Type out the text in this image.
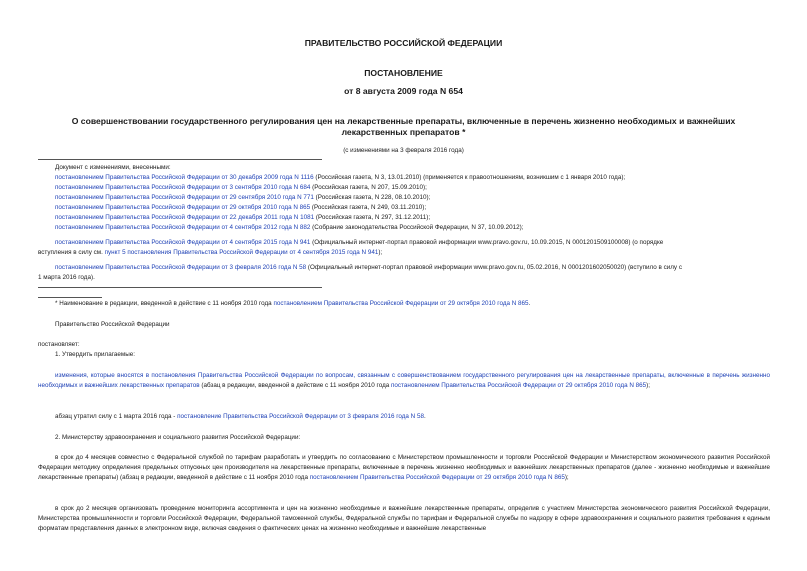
ПРАВИТЕЛЬСТВО РОССИЙСКОЙ ФЕДЕРАЦИИ
ПОСТАНОВЛЕНИЕ
от 8 августа 2009 года N 654
О совершенствовании государственного регулирования цен на лекарственные препараты, включенные в перечень жизненно необходимых и важнейших
лекарственных препаратов *
(с изменениями на 3 февраля 2016 года)
Документ с изменениями, внесенными:
постановлением Правительства Российской Федерации от 30 декабря 2009 года N 1116 (Российская газета, N 3, 13.01.2010) (применяется к правоотношениям, возникшим с 1 января 2010 года);
постановлением Правительства Российской Федерации от 3 сентября 2010 года N 684 (Российская газета, N 207, 15.09.2010);
постановлением Правительства Российской Федерации от 29 сентября 2010 года N 771 (Российская газета, N 228, 08.10.2010);
постановлением Правительства Российской Федерации от 29 октября 2010 года N 865 (Российская газета, N 249, 03.11.2010);
постановлением Правительства Российской Федерации от 22 декабря 2011 года N 1081 (Российская газета, N 297, 31.12.2011);
постановлением Правительства Российской Федерации от 4 сентября 2012 года N 882 (Собрание законодательства Российской Федерации, N 37, 10.09.2012);
постановлением Правительства Российской Федерации от 4 сентября 2015 года N 941 (Официальный интернет-портал правовой информации www.pravo.gov.ru, 10.09.2015, N 0001201509100008) (о порядке
вступления в силу см. пункт 5 постановления Правительства Российской Федерации от 4 сентября 2015 года N 941);
постановлением Правительства Российской Федерации от 3 февраля 2016 года N 58 (Официальный интернет-портал правовой информации www.pravo.gov.ru, 05.02.2016, N 0001201602050020) (вступило в силу с
1 марта 2016 года).
* Наименование в редакции, введенной в действие с 11 ноября 2010 года постановлением Правительства Российской Федерации от 29 октября 2010 года N 865.
Правительство Российской Федерации
постановляет:
1. Утвердить прилагаемые:
изменения, которые вносятся в постановления Правительства Российской Федерации по вопросам, связанным с совершенствованием государственного регулирования цен на лекарственные препараты, включенные в перечень жизненно необходимых и важнейших лекарственных препаратов (абзац в редакции, введенной в действие с 11 ноября 2010 года постановлением Правительства Российской Федерации от 29 октября 2010 года N 865);
абзац утратил силу с 1 марта 2016 года - постановление Правительства Российской Федерации от 3 февраля 2016 года N 58.
2. Министерству здравоохранения и социального развития Российской Федерации:
в срок до 4 месяцев совместно с Федеральной службой по тарифам разработать и утвердить по согласованию с Министерством промышленности и торговли Российской Федерации и Министерством экономического развития Российской Федерации методику определения предельных отпускных цен производителя на лекарственные препараты, включенные в перечень жизненно необходимых и важнейших лекарственных препаратов (далее - жизненно необходимые и важнейшие лекарственные препараты) (абзац в редакции, введенной в действие с 11 ноября 2010 года постановлением Правительства Российской Федерации от 29 октября 2010 года N 865);
в срок до 2 месяцев организовать проведение мониторинга ассортимента и цен на жизненно необходимые и важнейшие лекарственные препараты, определив с участием Министерства экономического развития Российской Федерации, Министерства промышленности и торговли Российской Федерации, Федеральной таможенной службы, Федеральной службы по тарифам и Федеральной службы по надзору в сфере здравоохранения и социального развития требования к единым форматам представления данных в электронном виде, включая сведения о фактических ценах на жизненно необходимые и важнейшие лекарственные
